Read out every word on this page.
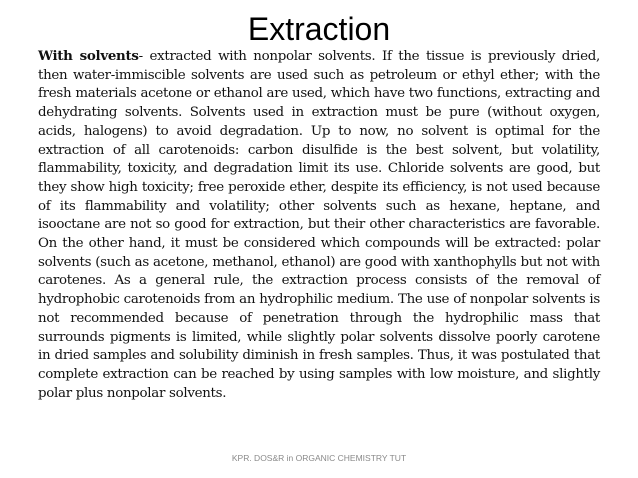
Extraction

With solvents- extracted with nonpolar solvents. If the tissue is previously dried, then water-immiscible solvents are used such as petroleum or ethyl ether; with the fresh materials acetone or ethanol are used, which have two functions, extracting and dehydrating solvents. Solvents used in extraction must be pure (without oxygen, acids, halogens) to avoid degradation. Up to now, no solvent is optimal for the extraction of all carotenoids: carbon disulfide is the best solvent, but volatility, flammability, toxicity, and degradation limit its use. Chloride solvents are good, but they show high toxicity; free peroxide ether, despite its efficiency, is not used because of its flammability and volatility; other solvents such as hexane, heptane, and isooctane are not so good for extraction, but their other characteristics are favorable. On the other hand, it must be considered which compounds will be extracted: polar solvents (such as acetone, methanol, ethanol) are good with xanthophylls but not with carotenes. As a general rule, the extraction process consists of the removal of hydrophobic carotenoids from an hydrophilic medium. The use of nonpolar solvents is not recommended because of penetration through the hydrophilic mass that surrounds pigments is limited, while slightly polar solvents dissolve poorly carotene in dried samples and solubility diminish in fresh samples. Thus, it was postulated that complete extraction can be reached by using samples with low moisture, and slightly polar plus nonpolar solvents.

KPR. DOS&R in ORGANIC CHEMISTRY TUT
